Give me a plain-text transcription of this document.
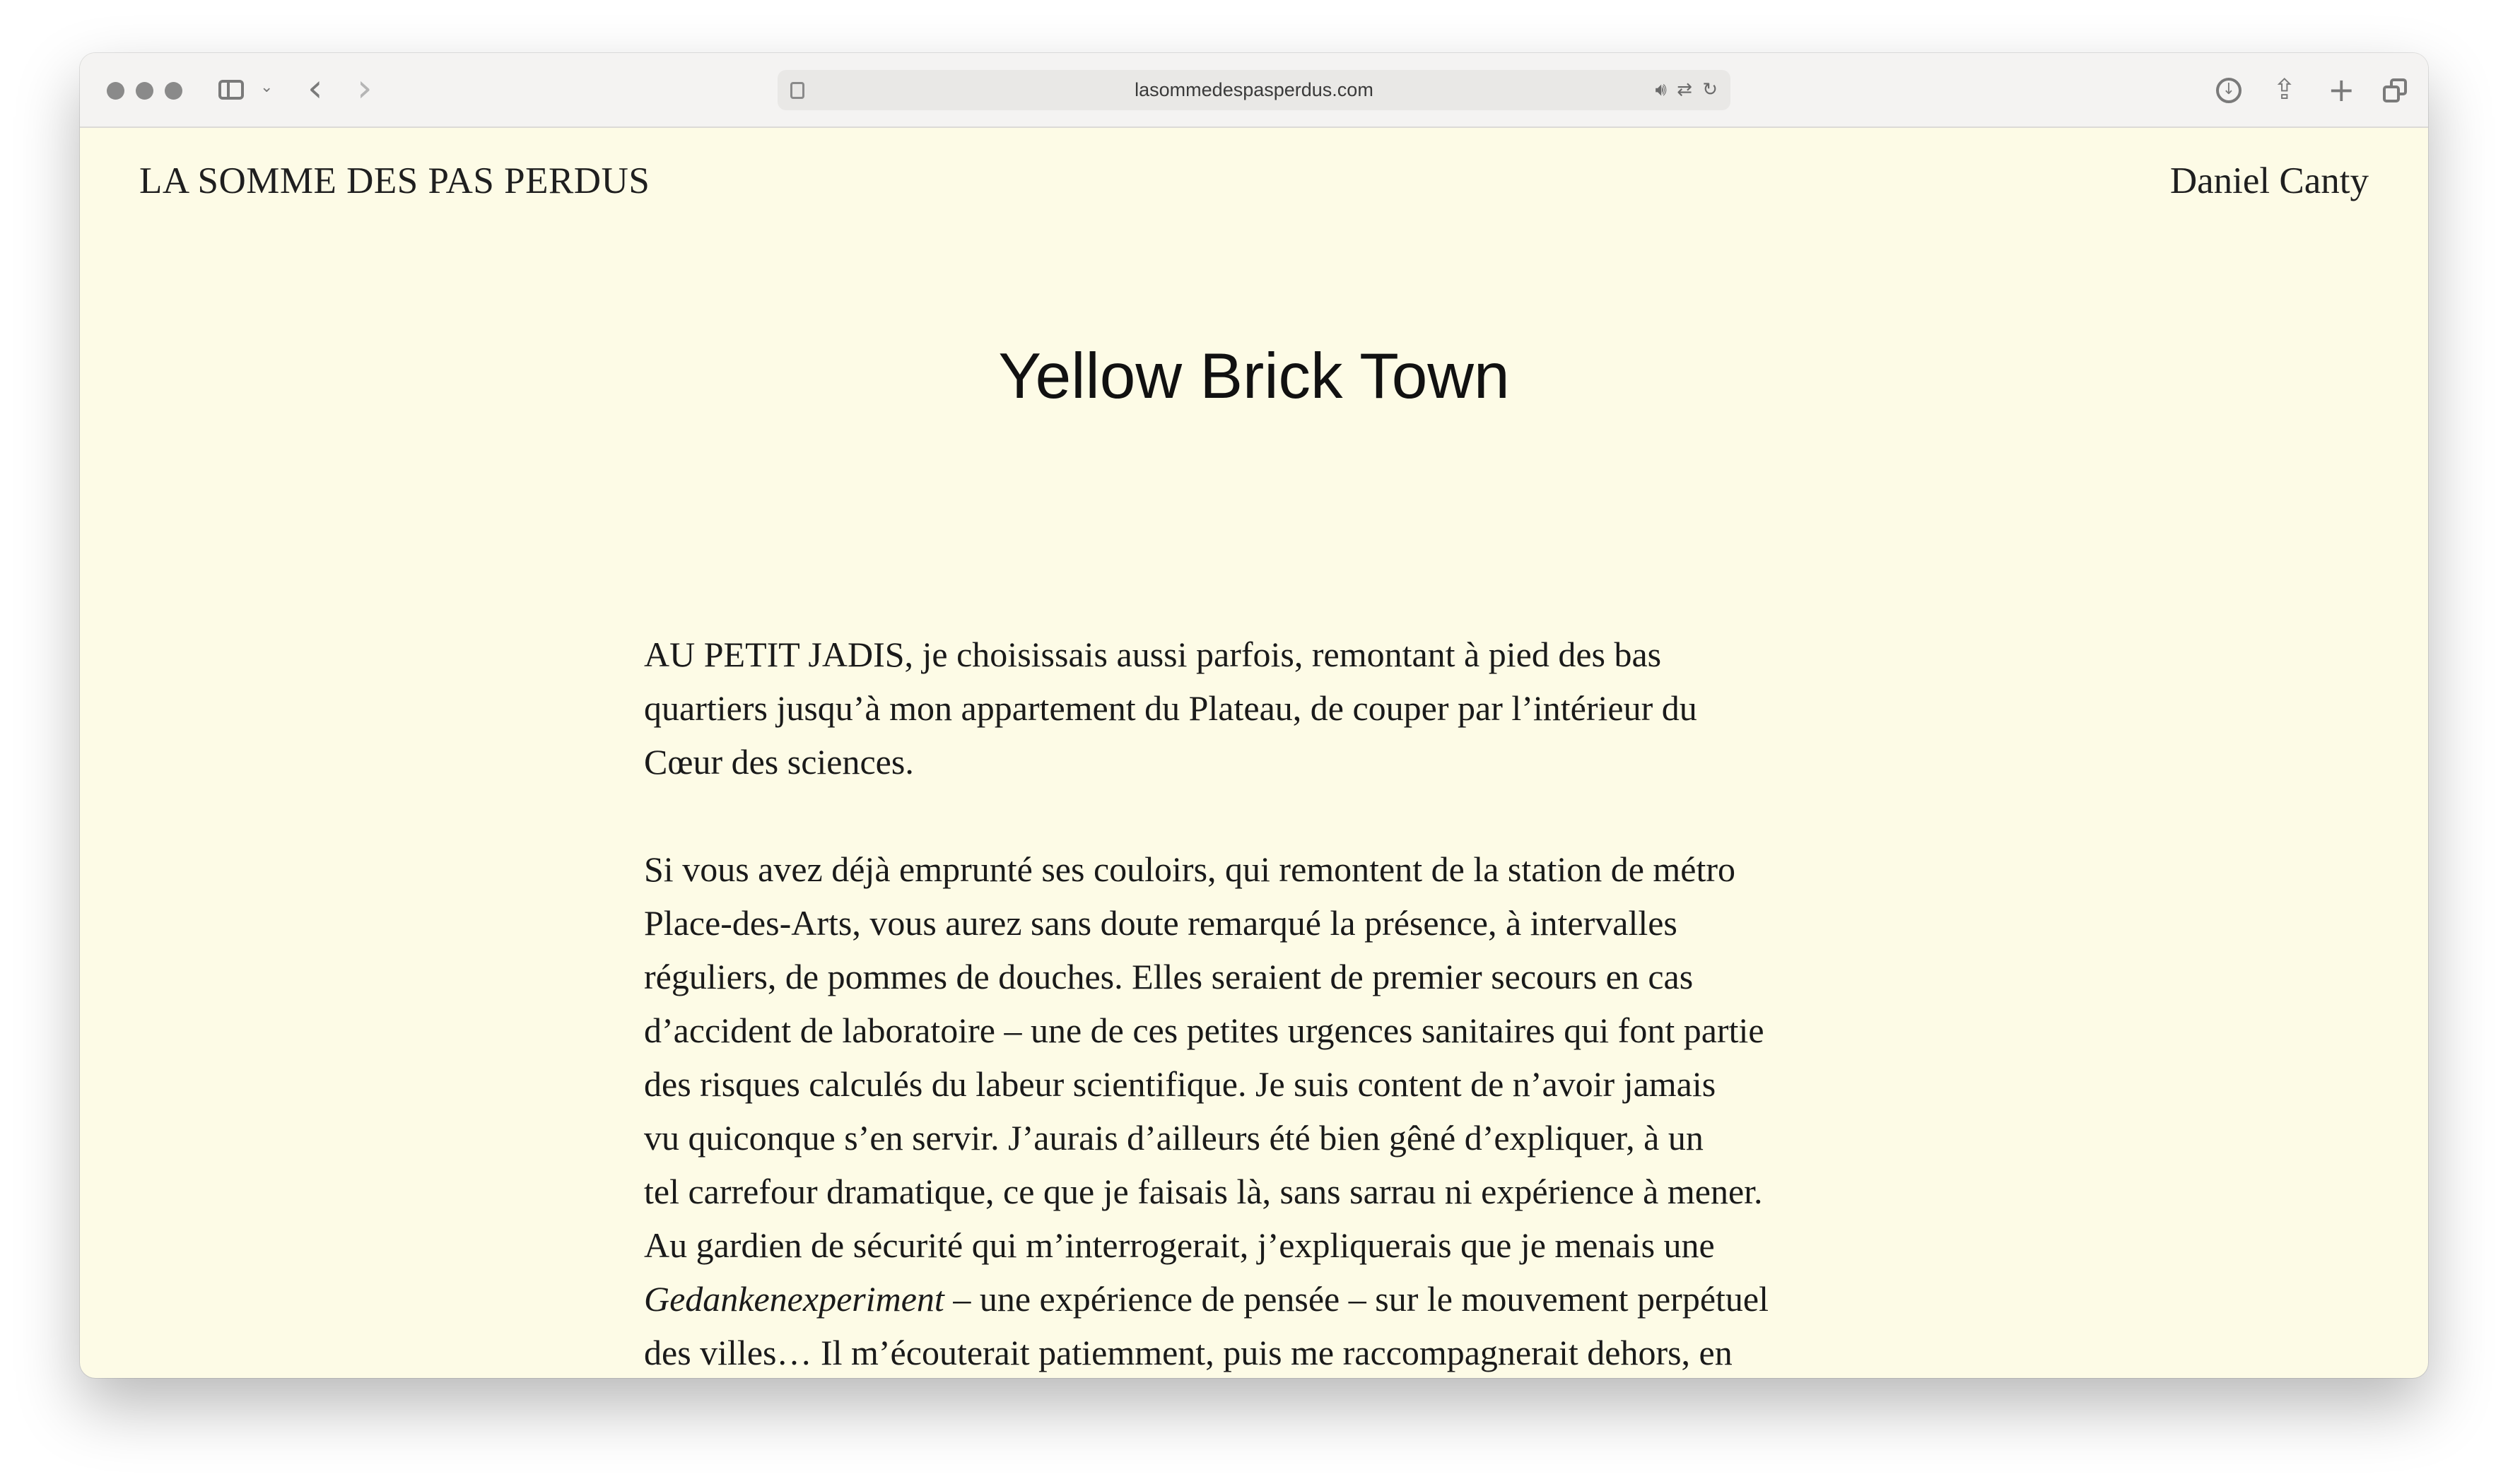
⌄ ‹ ›	lasommedespasperdus.com	🔊︎ ⇄ ↻	↓ ⇪ +
LA SOMME DES PAS PERDUS	Daniel Canty
Yellow Brick Town

AU PETIT JADIS, je choisissais aussi parfois, remontant à pied des bas
quartiers jusqu’à mon appartement du Plateau, de couper par l’intérieur du
Cœur des sciences.

Si vous avez déjà emprunté ses couloirs, qui remontent de la station de métro
Place-des-Arts, vous aurez sans doute remarqué la présence, à intervalles
réguliers, de pommes de douches. Elles seraient de premier secours en cas
d’accident de laboratoire – une de ces petites urgences sanitaires qui font partie
des risques calculés du labeur scientifique. Je suis content de n’avoir jamais
vu quiconque s’en servir. J’aurais d’ailleurs été bien gêné d’expliquer, à un
tel carrefour dramatique, ce que je faisais là, sans sarrau ni expérience à mener.
Au gardien de sécurité qui m’interrogerait, j’expliquerais que je menais une
Gedankenexperiment – une expérience de pensée – sur le mouvement perpétuel
des villes… Il m’écouterait patiemment, puis me raccompagnerait dehors, en
